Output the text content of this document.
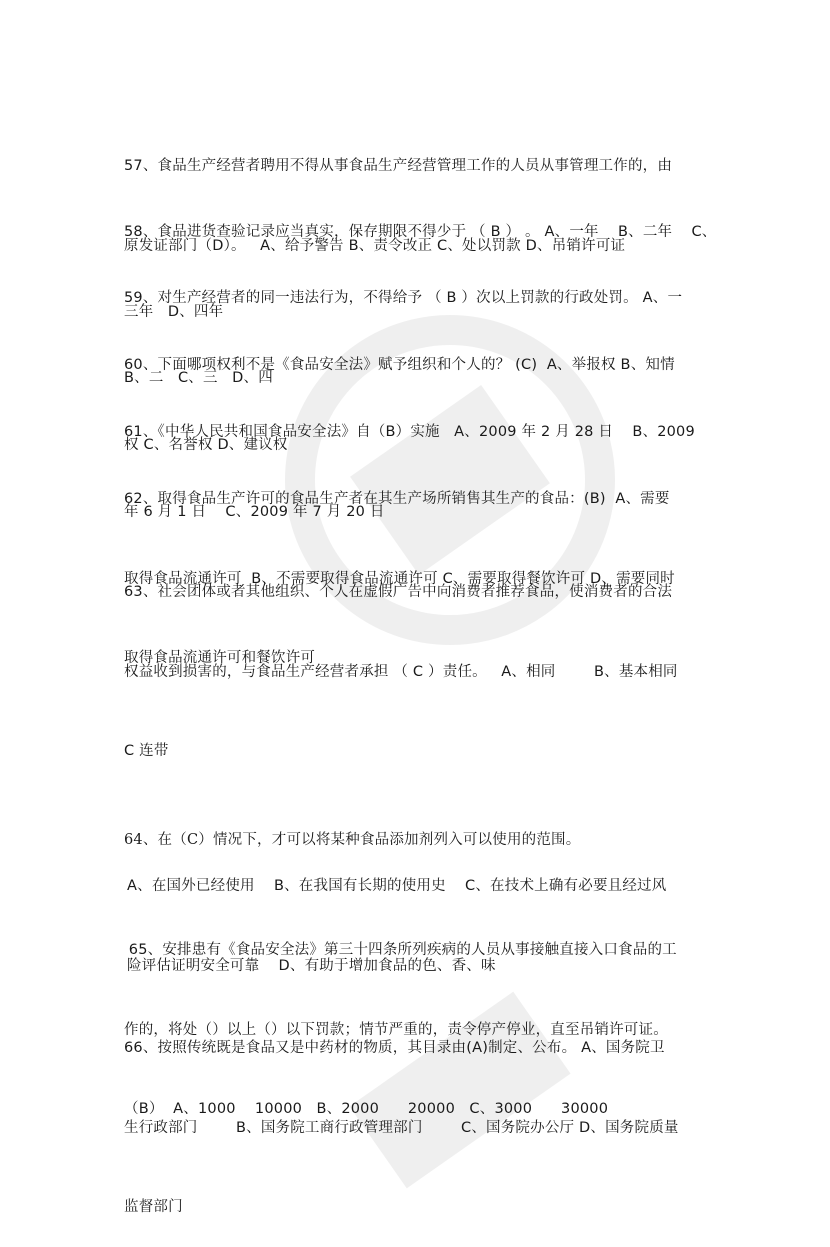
57、食品生产经营者聘用不得从事食品生产经营管理工作的人员从事管理工作的，由

原发证部门（D）。   A、给予警告 B、责令改正 C、处以罚款 D、吊销许可证

58、食品进货查验记录应当真实，保存期限不得少于 （ B ） 。 A、一年    B、二年    C、

三年   D、四年

59、对生产经营者的同一违法行为，不得给予 （ B ）次以上罚款的行政处罚。 A、一

B、二   C、三   D、四

60、下面哪项权利不是《食品安全法》赋予组织和个人的？ (C)  A、举报权 B、知情

权 C、名誉权 D、建议权

61、《中华人民共和国食品安全法》自（B）实施   A、2009 年 2 月 28 日    B、2009

年 6 月 1 日    C、2009 年 7 月 20 日

62、取得食品生产许可的食品生产者在其生产场所销售其生产的食品：(B)  A、需要

取得食品流通许可  B、不需要取得食品流通许可 C、需要取得餐饮许可 D、需要同时

取得食品流通许可和餐饮许可

63、社会团体或者其他组织、个人在虚假广告中向消费者推荐食品，使消费者的合法

权益收到损害的，与食品生产经营者承担 （ C ）责任。   A、相同        B、基本相同

C 连带

64、在（C）情况下，才可以将某种食品添加剂列入可以使用的范围。

A、在国外已经使用    B、在我国有长期的使用史    C、在技术上确有必要且经过风

险评估证明安全可靠    D、有助于增加食品的色、香、味

65、安排患有《食品安全法》第三十四条所列疾病的人员从事接触直接入口食品的工

作的，将处（）以上（）以下罚款；情节严重的，责令停产停业，直至吊销许可证。

（B）  A、1000    10000   B、2000      20000   C、3000      30000

66、按照传统既是食品又是中药材的物质，其目录由(A)制定、公布。 A、国务院卫

生行政部门        B、国务院工商行政管理部门        C、国务院办公厅 D、国务院质量

监督部门
